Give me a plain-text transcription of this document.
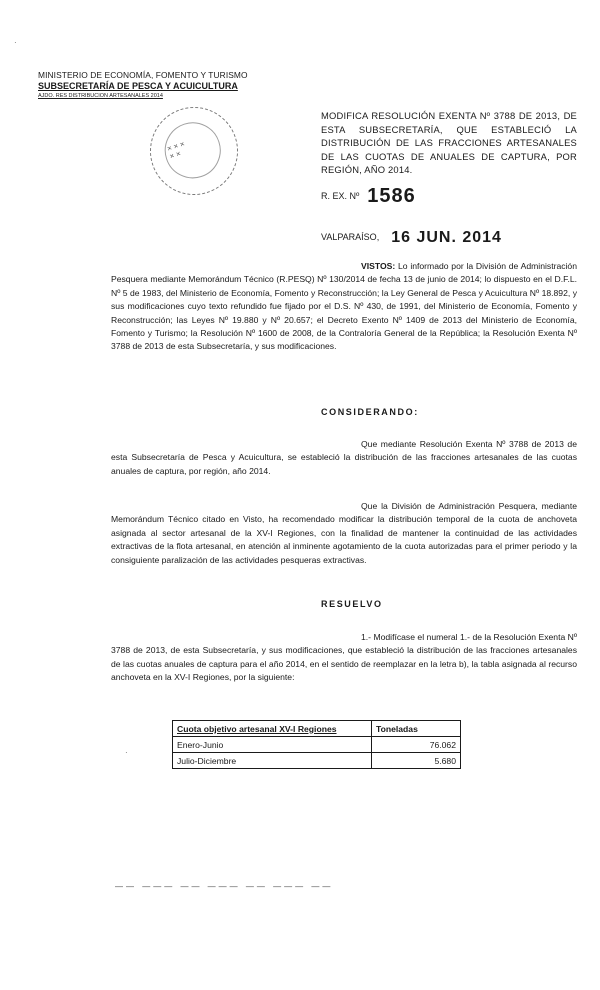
MINISTERIO DE ECONOMÍA, FOMENTO Y TURISMO
SUBSECRETARÍA DE PESCA Y ACUICULTURA
AJDO. RES DISTRIBUCION ARTESANALES 2014
✕ ✕ ✕
✕ ✕
MODIFICA RESOLUCIÓN EXENTA Nº 3788 DE 2013, DE ESTA SUBSECRETARÍA, QUE ESTABLECIÓ LA DISTRIBUCIÓN DE LAS FRACCIONES ARTESANALES DE LAS CUOTAS DE ANUALES DE CAPTURA, POR REGIÓN, AÑO 2014.
R. EX. Nº 1586
VALPARAÍSO, 16 JUN. 2014

VISTOS: Lo informado por la División de Administración Pesquera mediante Memorándum Técnico (R.PESQ) Nº 130/2014 de fecha 13 de junio de 2014; lo dispuesto en el D.F.L. Nº 5 de 1983, del Ministerio de Economía, Fomento y Reconstrucción; la Ley General de Pesca y Acuicultura Nº 18.892, y sus modificaciones cuyo texto refundido fue fijado por el D.S. Nº 430, de 1991, del Ministerio de Economía, Fomento y Reconstrucción; las Leyes Nº 19.880 y Nº 20.657; el Decreto Exento Nº 1409 de 2013 del Ministerio de Economía, Fomento y Turismo; la Resolución Nº 1600 de 2008, de la Contraloría General de la República; la Resolución Exenta Nº 3788 de 2013 de esta Subsecretaría, y sus modificaciones.

CONSIDERANDO:

Que mediante Resolución Exenta Nº 3788 de 2013 de esta Subsecretaría de Pesca y Acuicultura, se estableció la distribución de las fracciones artesanales de las cuotas anuales de captura, por región, año 2014.

Que la División de Administración Pesquera, mediante Memorándum Técnico citado en Visto, ha recomendado modificar la distribución temporal de la cuota de anchoveta asignada al sector artesanal de la XV-I Regiones, con la finalidad de mantener la continuidad de las actividades extractivas de la flota artesanal, en atención al inminente agotamiento de la cuota autorizadas para el primer periodo y la consiguiente paralización de las actividades pesqueras extractivas.

RESUELVO

1.- Modifícase el numeral 1.- de la Resolución Exenta Nº 3788 de 2013, de esta Subsecretaría, y sus modificaciones, que estableció la distribución de las fracciones artesanales de las cuotas anuales de captura para el año 2014, en el sentido de reemplazar en la letra b), la tabla asignada al recurso anchoveta en la XV-I Regiones, por la siguiente:

Cuota objetivo artesanal XV-I Regiones	Toneladas
Enero-Junio	76.062
Julio-Diciembre	5.680
—— ——— —— ——— —— ——— ——
·
·
